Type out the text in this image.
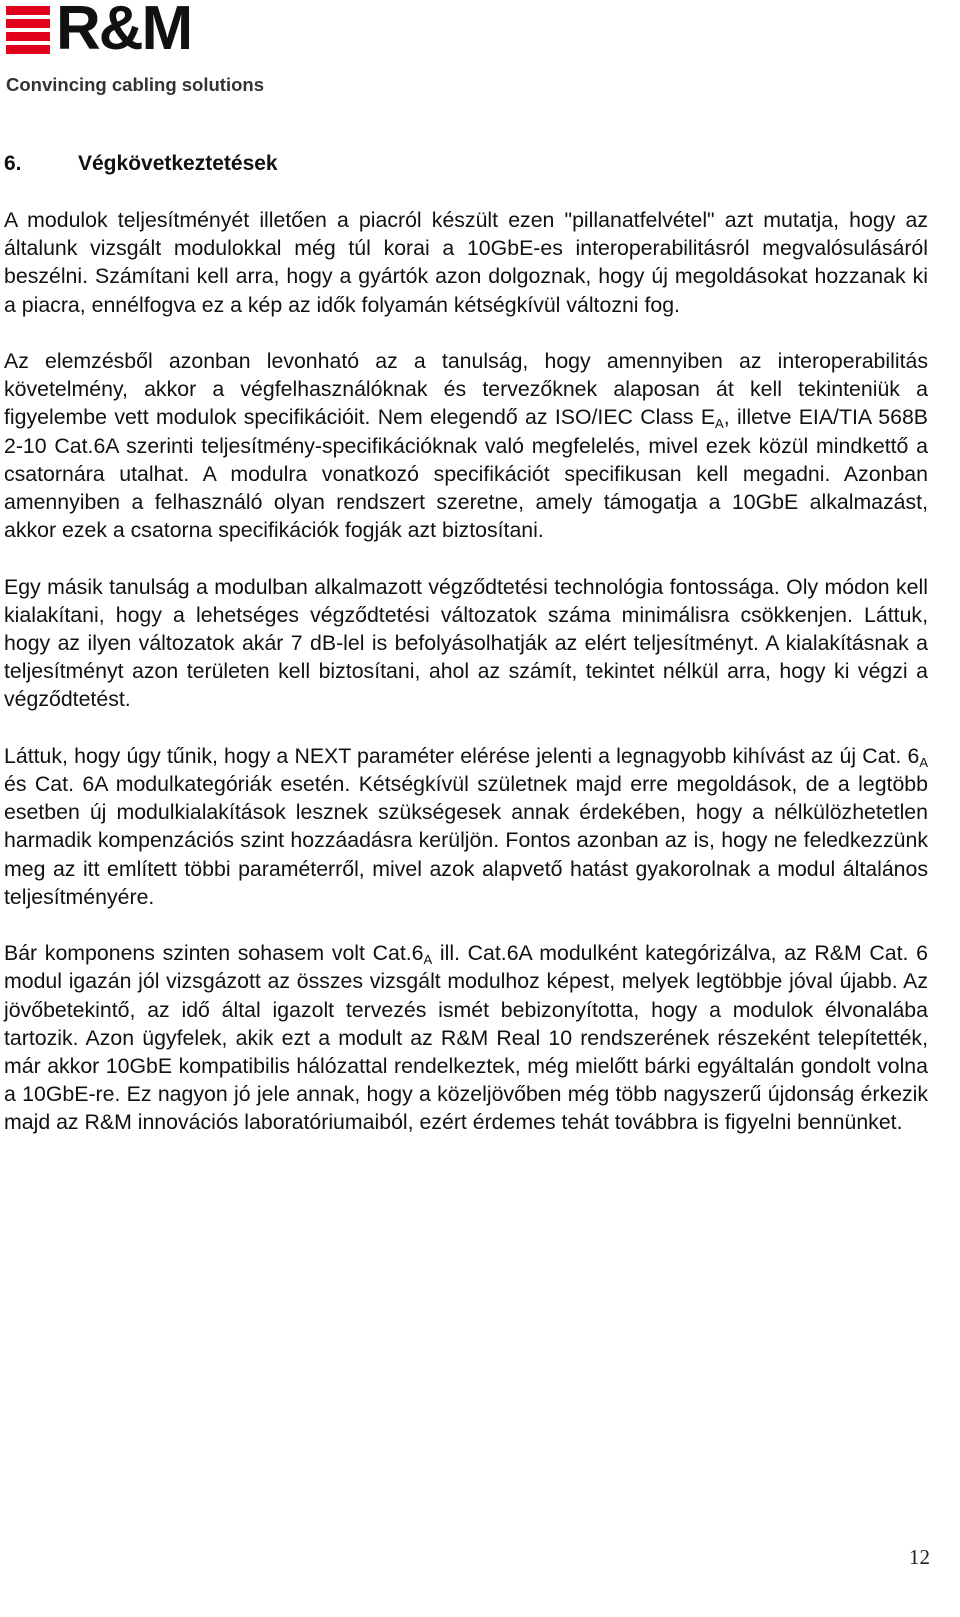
R&M
Convincing cabling solutions
6.	Végkövetkeztetések

A modulok teljesítményét illetően a piacról készült ezen "pillanatfelvétel" azt mutatja, hogy az általunk vizsgált modulokkal még túl korai a 10GbE-es interoperabilitásról megvalósulásáról beszélni. Számítani kell arra, hogy a gyártók azon dolgoznak, hogy új megoldásokat hozzanak ki a piacra, ennélfogva ez a kép az idők folyamán kétségkívül változni fog.

Az elemzésből azonban levonható az a tanulság, hogy amennyiben az interoperabilitás követelmény, akkor a végfelhasználóknak és tervezőknek alaposan át kell tekinteniük a figyelembe vett modulok specifikációit. Nem elegendő az ISO/IEC Class $E_A$, illetve EIA/TIA 568B 2-10 Cat.6A szerinti teljesítmény-specifikációknak való megfelelés, mivel ezek közül mindkettő a csatornára utalhat. A modulra vonatkozó specifikációt specifikusan kell megadni. Azonban amennyiben a felhasználó olyan rendszert szeretne, amely támogatja a 10GbE alkalmazást, akkor ezek a csatorna specifikációk fogják azt biztosítani.

Egy másik tanulság a modulban alkalmazott végződtetési technológia fontossága. Oly módon kell kialakítani, hogy a lehetséges végződtetési változatok száma minimálisra csökkenjen. Láttuk, hogy az ilyen változatok akár 7 dB-lel is befolyásolhatják az elért teljesítményt. A kialakításnak a teljesítményt azon területen kell biztosítani, ahol az számít, tekintet nélkül arra, hogy ki végzi a végződtetést.

Láttuk, hogy úgy tűnik, hogy a NEXT paraméter elérése jelenti a legnagyobb kihívást az új Cat. $6_A$ és Cat. 6A modulkategóriák esetén. Kétségkívül születnek majd erre megoldások, de a legtöbb esetben új modulkialakítások lesznek szükségesek annak érdekében, hogy a nélkülözhetetlen harmadik kompenzációs szint hozzáadásra kerüljön. Fontos azonban az is, hogy ne feledkezzünk meg az itt említett többi paraméterről, mivel azok alapvető hatást gyakorolnak a modul általános teljesítményére.

Bár komponens szinten sohasem volt $Cat.6_A$ ill. Cat.6A modulként kategórizálva, az R&M Cat. 6 modul igazán jól vizsgázott az összes vizsgált modulhoz képest, melyek legtöbbje jóval újabb. Az jövőbetekintő, az idő által igazolt tervezés ismét bebizonyította, hogy a modulok élvonalába tartozik. Azon ügyfelek, akik ezt a modult az R&M Real 10 rendszerének részeként telepítették, már akkor 10GbE kompatibilis hálózattal rendelkeztek, még mielőtt bárki egyáltalán gondolt volna a 10GbE-re. Ez nagyon jó jele annak, hogy a közeljövőben még több nagyszerű újdonság érkezik majd az R&M innovációs laboratóriumaiból, ezért érdemes tehát továbbra is figyelni bennünket.

12
